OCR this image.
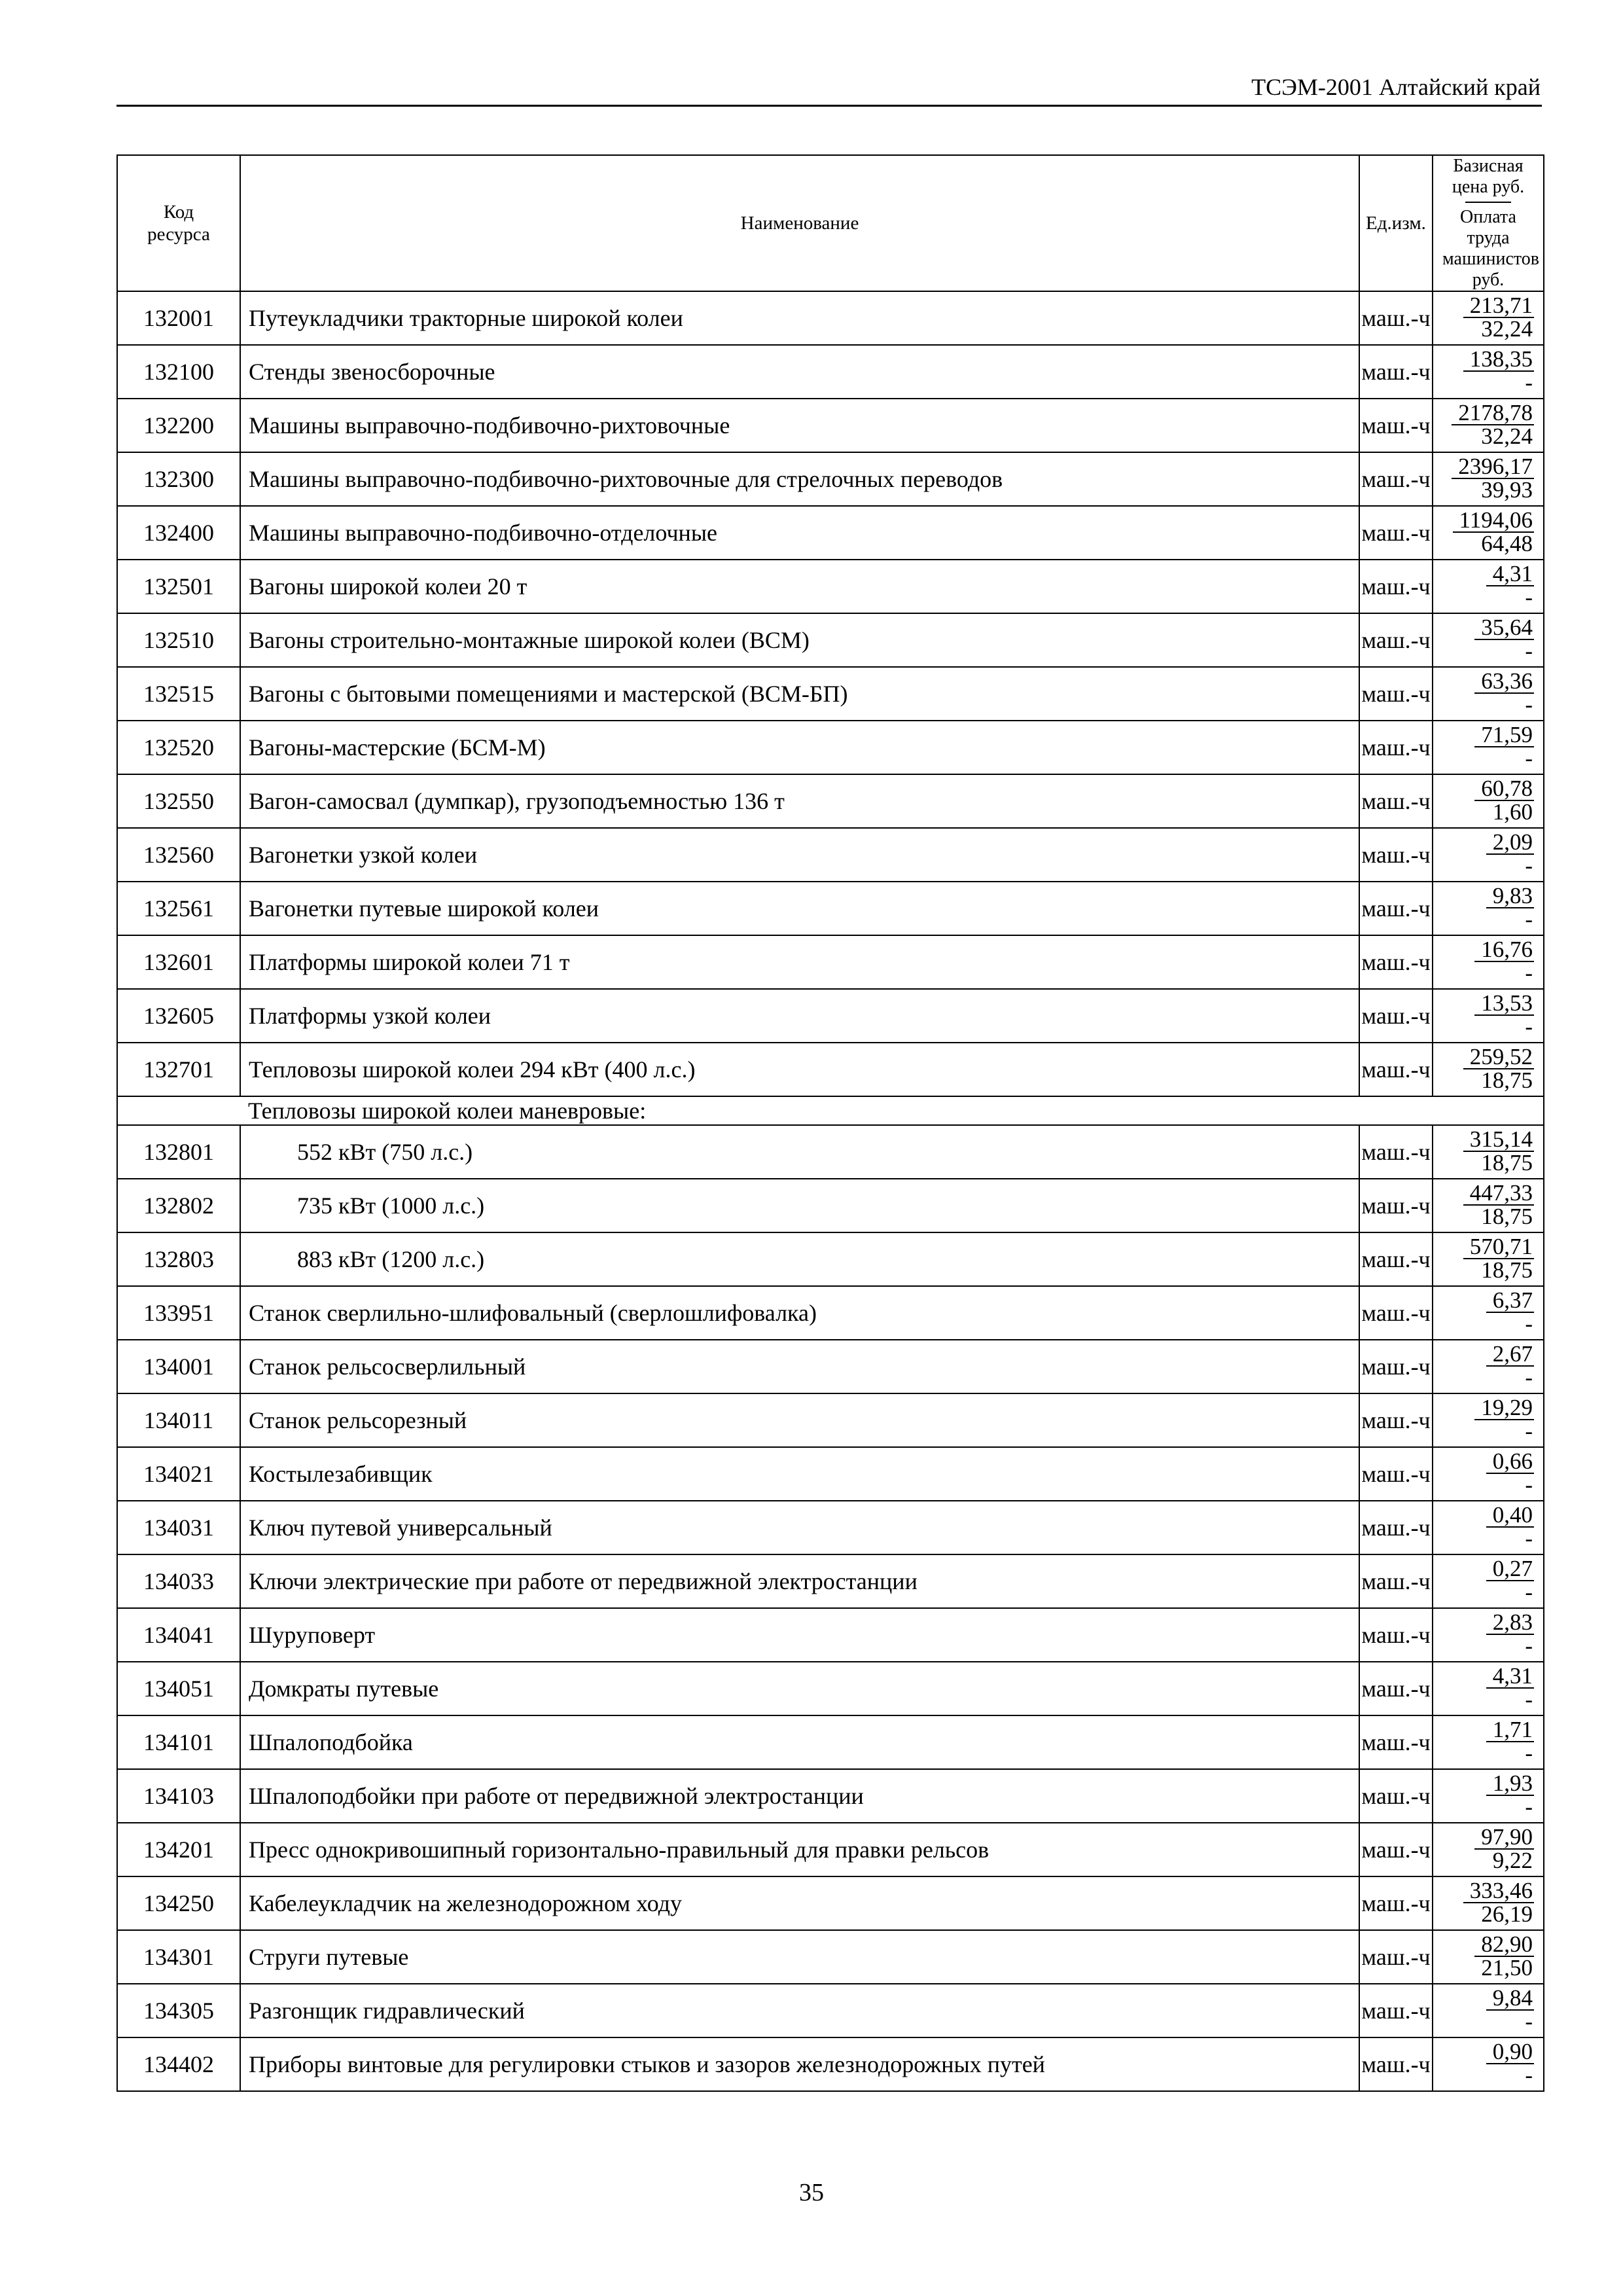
ТСЭМ-2001 Алтайский край
Код ресурса	Наименование	Ед.изм.	Базисная цена руб.
Оплата труда машинистов руб.

132001	Путеукладчики тракторные широкой колеи	маш.-ч	$\frac{213,71}{32,24}$

132100	Стенды звеносборочные	маш.-ч	$\frac{138,35}{-}$

132200	Машины выправочно-подбивочно-рихтовочные	маш.-ч	$\frac{2178,78}{32,24}$

132300	Машины выправочно-подбивочно-рихтовочные для стрелочных переводов	маш.-ч	$\frac{2396,17}{39,93}$

132400	Машины выправочно-подбивочно-отделочные	маш.-ч	$\frac{1194,06}{64,48}$

132501	Вагоны широкой колеи 20 т	маш.-ч	$\frac{4,31}{-}$

132510	Вагоны строительно-монтажные широкой колеи (ВСМ)	маш.-ч	$\frac{35,64}{-}$

132515	Вагоны с бытовыми помещениями и мастерской (ВСМ-БП)	маш.-ч	$\frac{63,36}{-}$

132520	Вагоны-мастерские (БСМ-М)	маш.-ч	$\frac{71,59}{-}$

132550	Вагон-самосвал (думпкар), грузоподъемностью 136 т	маш.-ч	$\frac{60,78}{1,60}$

132560	Вагонетки узкой колеи	маш.-ч	$\frac{2,09}{-}$

132561	Вагонетки путевые широкой колеи	маш.-ч	$\frac{9,83}{-}$

132601	Платформы широкой колеи 71 т	маш.-ч	$\frac{16,76}{-}$

132605	Платформы узкой колеи	маш.-ч	$\frac{13,53}{-}$

132701	Тепловозы широкой колеи 294 кВт (400 л.с.)	маш.-ч	$\frac{259,52}{18,75}$

	Тепловозы широкой колеи маневровые:		
132801	552 кВт (750 л.с.)	маш.-ч	$\frac{315,14}{18,75}$

132802	735 кВт (1000 л.с.)	маш.-ч	$\frac{447,33}{18,75}$

132803	883 кВт (1200 л.с.)	маш.-ч	$\frac{570,71}{18,75}$

133951	Станок сверлильно-шлифовальный (сверлошлифовалка)	маш.-ч	$\frac{6,37}{-}$

134001	Станок рельсосверлильный	маш.-ч	$\frac{2,67}{-}$

134011	Станок рельсорезный	маш.-ч	$\frac{19,29}{-}$

134021	Костылезабивщик	маш.-ч	$\frac{0,66}{-}$

134031	Ключ путевой универсальный	маш.-ч	$\frac{0,40}{-}$

134033	Ключи электрические при работе от передвижной электростанции	маш.-ч	$\frac{0,27}{-}$

134041	Шуруповерт	маш.-ч	$\frac{2,83}{-}$

134051	Домкраты путевые	маш.-ч	$\frac{4,31}{-}$

134101	Шпалоподбойка	маш.-ч	$\frac{1,71}{-}$

134103	Шпалоподбойки при работе от передвижной электростанции	маш.-ч	$\frac{1,93}{-}$

134201	Пресс однокривошипный горизонтально-правильный для правки рельсов	маш.-ч	$\frac{97,90}{9,22}$

134250	Кабелеукладчик на железнодорожном ходу	маш.-ч	$\frac{333,46}{26,19}$

134301	Струги путевые	маш.-ч	$\frac{82,90}{21,50}$

134305	Разгонщик гидравлический	маш.-ч	$\frac{9,84}{-}$

134402	Приборы винтовые для регулировки стыков и зазоров железнодорожных путей	маш.-ч	$\frac{0,90}{-}$
35
